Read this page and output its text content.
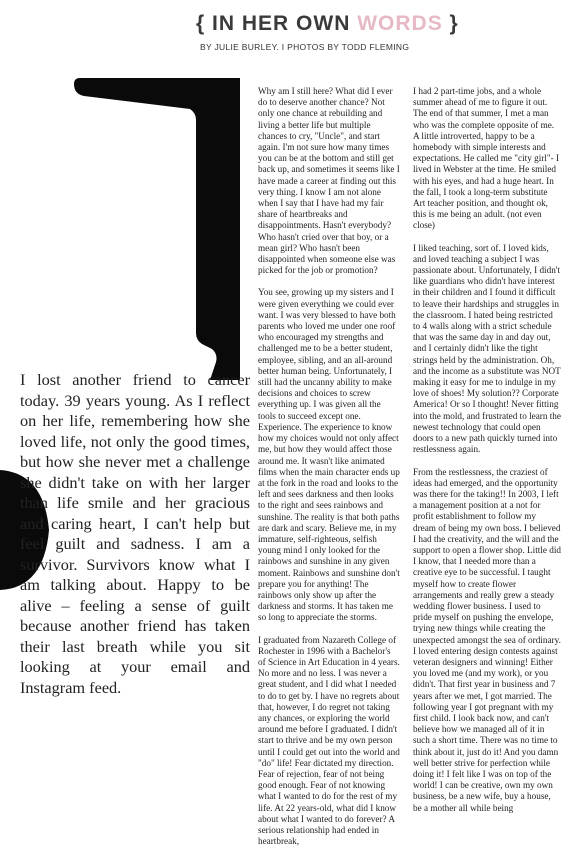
{ IN HER OWN WORDS }
BY JULIE BURLEY. I PHOTOS BY TODD FLEMING
I lost another friend to cancer today. 39 years young. As I reflect on her life, remembering how she loved life, not only the good times, but how she never met a challenge she didn't take on with her larger than life smile and her gracious and caring heart, I can't help but feel guilt and sadness. I am a survivor. Survivors know what I am talking about. Happy to be alive – feeling a sense of guilt because another friend has taken their last breath while you sit looking at your email and Instagram feed.

Why am I still here? What did I ever do to deserve another chance? Not only one chance at rebuilding and living a better life but multiple chances to cry, "Uncle", and start again. I'm not sure how many times you can be at the bottom and still get back up, and sometimes it seems like I have made a career at finding out this very thing. I know I am not alone when I say that I have had my fair share of heartbreaks and disappointments. Hasn't everybody? Who hasn't cried over that boy, or a mean girl? Who hasn't been disappointed when someone else was picked for the job or promotion?

You see, growing up my sisters and I were given everything we could ever want. I was very blessed to have both parents who loved me under one roof who encouraged my strengths and challenged me to be a better student, employee, sibling, and an all-around better human being. Unfortunately, I still had the uncanny ability to make decisions and choices to screw everything up. I was given all the tools to succeed except one. Experience. The experience to know how my choices would not only affect me, but how they would affect those around me. It wasn't like animated films when the main character ends up at the fork in the road and looks to the left and sees darkness and then looks to the right and sees rainbows and sunshine. The reality is that both paths are dark and scary. Believe me, in my immature, self-righteous, selfish young mind I only looked for the rainbows and sunshine in any given moment. Rainbows and sunshine don't prepare you for anything! The rainbows only show up after the darkness and storms. It has taken me so long to appreciate the storms.

I graduated from Nazareth College of Rochester in 1996 with a Bachelor's of Science in Art Education in 4 years. No more and no less. I was never a great student, and I did what I needed to do to get by. I have no regrets about that, however, I do regret not taking any chances, or exploring the world around me before I graduated. I didn't start to thrive and be my own person until I could get out into the world and "do" life! Fear dictated my direction. Fear of rejection, fear of not being good enough. Fear of not knowing what I wanted to do for the rest of my life. At 22 years-old, what did I know about what I wanted to do forever? A serious relationship had ended in heartbreak,

I had 2 part-time jobs, and a whole summer ahead of me to figure it out. The end of that summer, I met a man who was the complete opposite of me. A little introverted, happy to be a homebody with simple interests and expectations. He called me "city girl"- I lived in Webster at the time. He smiled with his eyes, and had a huge heart. In the fall, I took a long-term substitute Art teacher position, and thought ok, this is me being an adult. (not even close)

I liked teaching, sort of. I loved kids, and loved teaching a subject I was passionate about. Unfortunately, I didn't like guardians who didn't have interest in their children and I found it difficult to leave their hardships and struggles in the classroom. I hated being restricted to 4 walls along with a strict schedule that was the same day in and day out, and I certainly didn't like the tight strings held by the administration. Oh, and the income as a substitute was NOT making it easy for me to indulge in my love of shoes! My solution?? Corporate America! Or so I thought! Never fitting into the mold, and frustrated to learn the newest technology that could open doors to a new path quickly turned into restlessness again.

From the restlessness, the craziest of ideas had emerged, and the opportunity was there for the taking!! In 2003, I left a management position at a not for profit establishment to follow my dream of being my own boss. I believed I had the creativity, and the will and the support to open a flower shop. Little did I know, that I needed more than a creative eye to be successful. I taught myself how to create flower arrangements and really grew a steady wedding flower business. I used to pride myself on pushing the envelope, trying new things while creating the unexpected amongst the sea of ordinary. I loved entering design contests against veteran designers and winning! Either you loved me (and my work), or you didn't. That first year in business and 7 years after we met, I got married. The following year I got pregnant with my first child. I look back now, and can't believe how we managed all of it in such a short time. There was no time to think about it, just do it! And you damn well better strive for perfection while doing it! I felt like I was on top of the world! I can be creative, own my own business, be a new wife, buy a house, be a mother all while being
